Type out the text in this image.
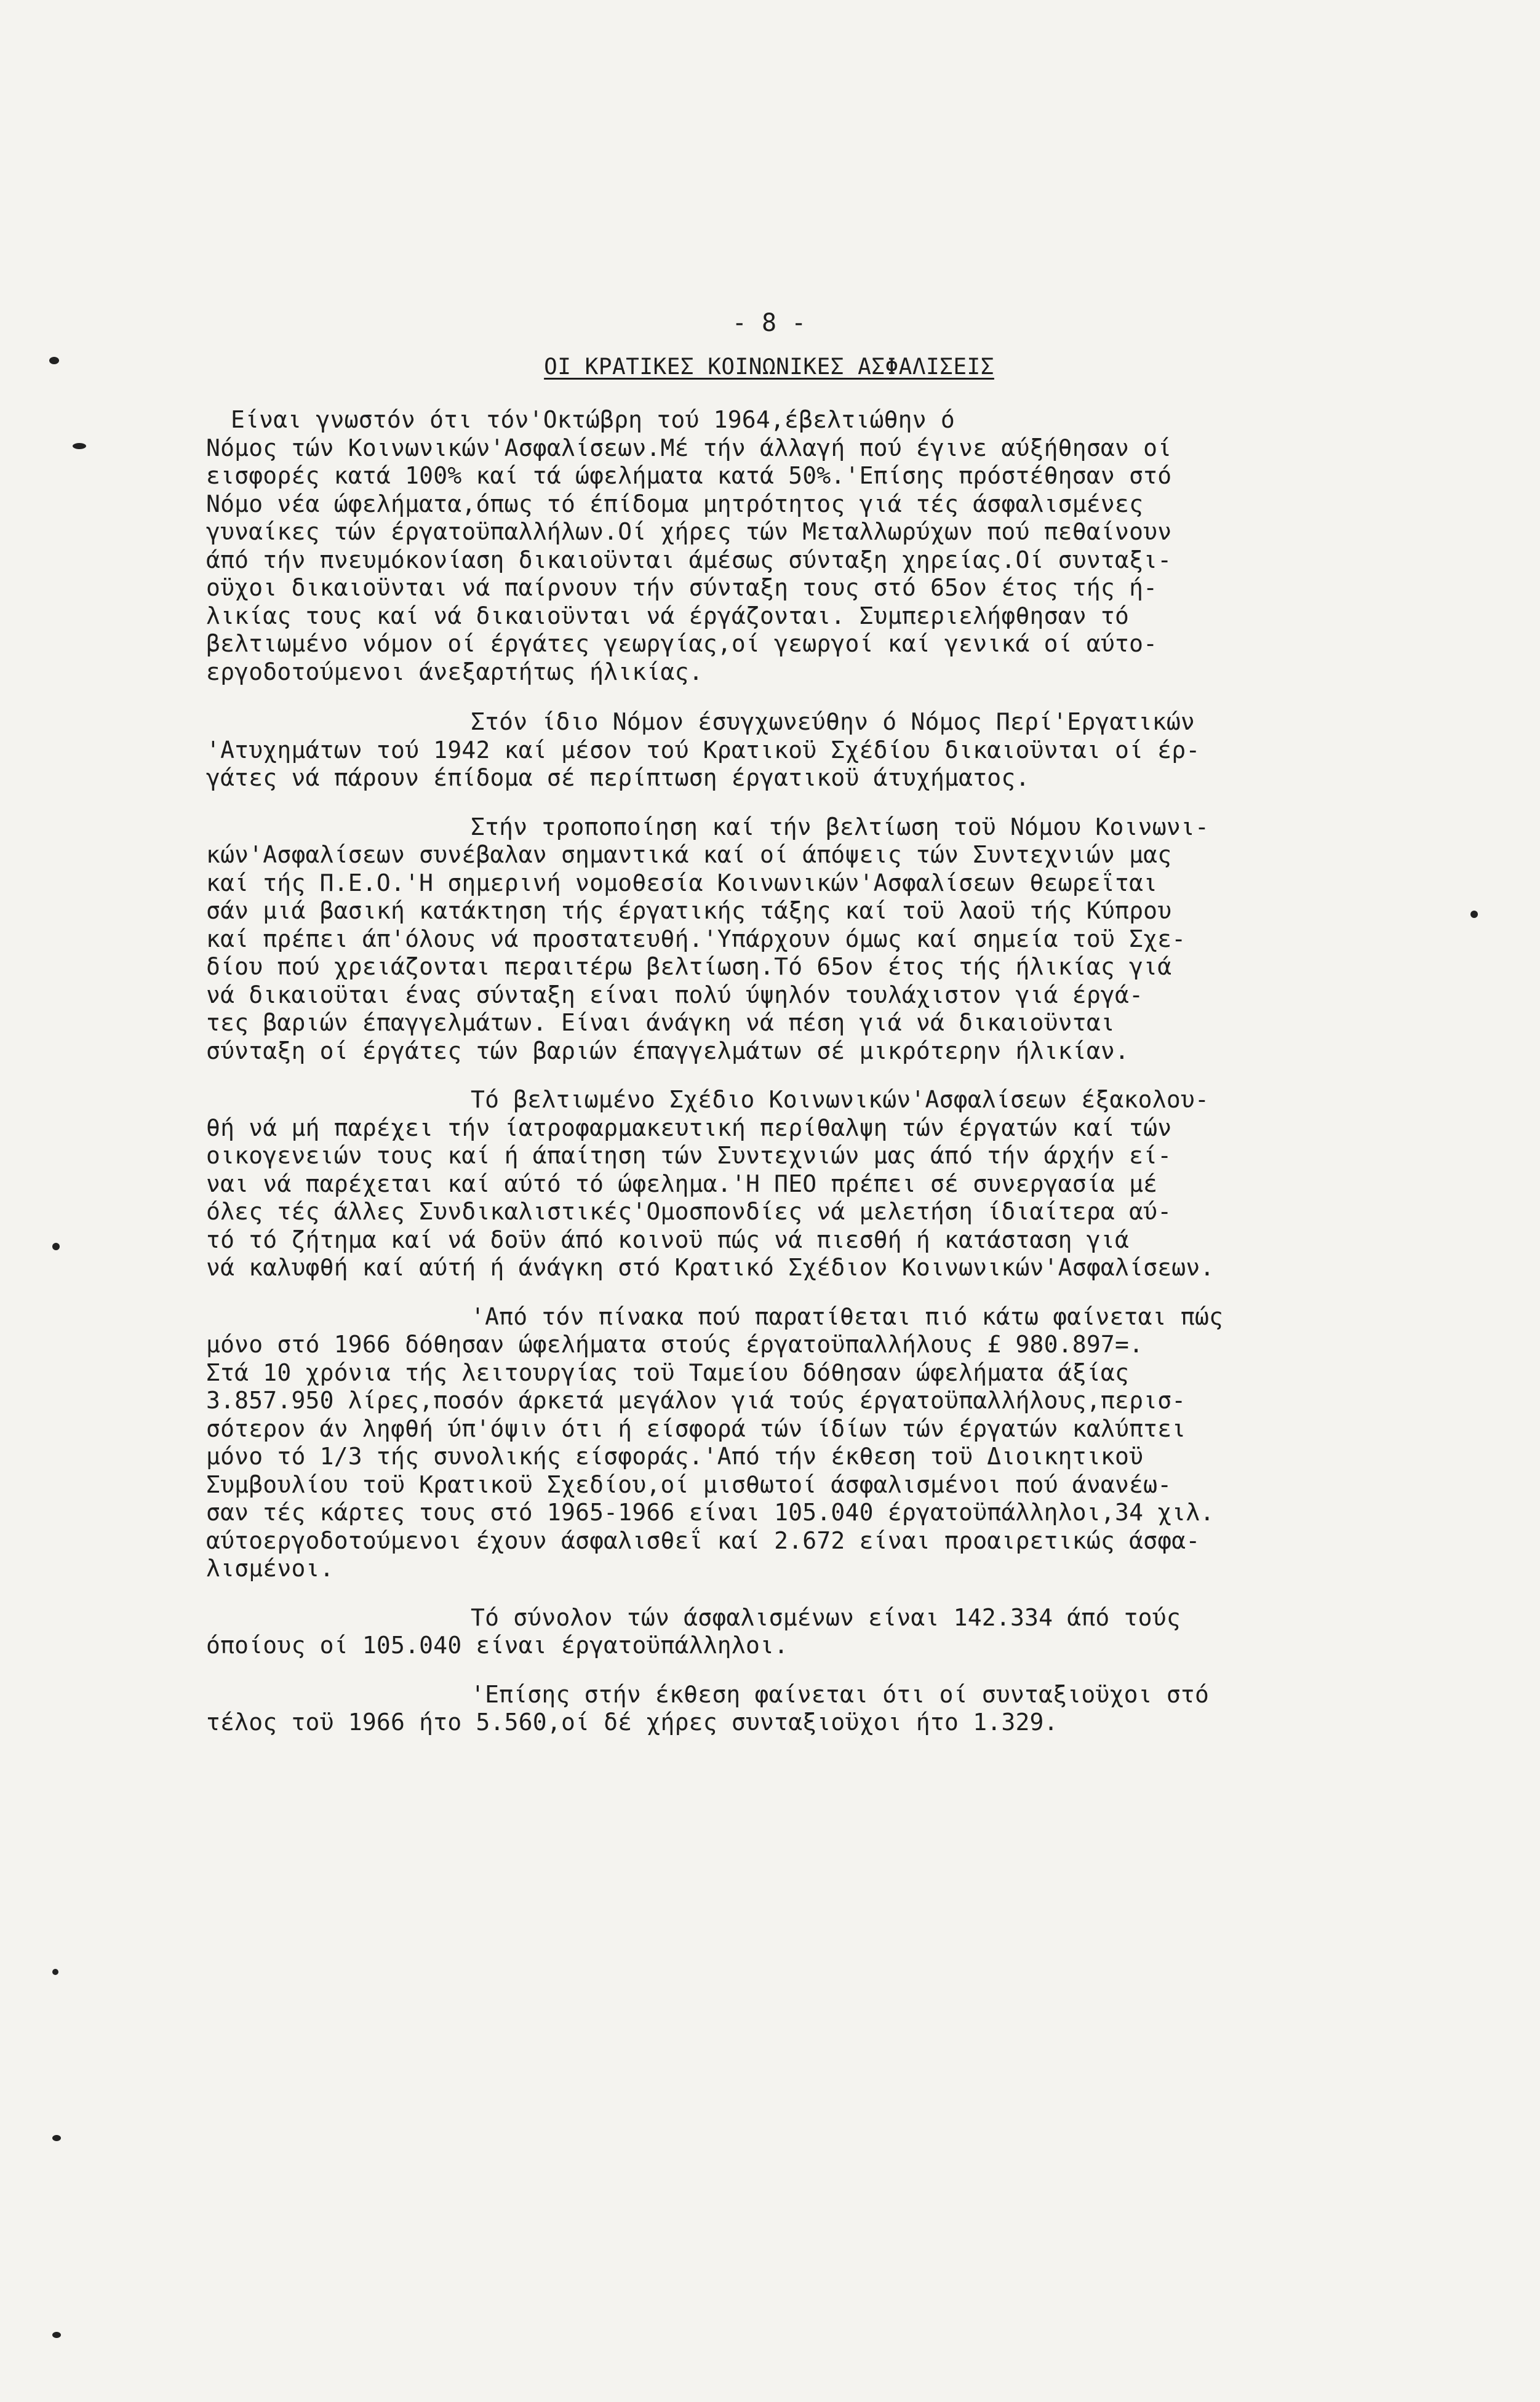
- 8 -
ΟΙ ΚΡΑΤΙΚΕΣ ΚΟΙΝΩΝΙΚΕΣ ΑΣΦΑΛΙΣΕΙΣ
Είναι γνωστόν ότι τόν'Οκτώβρη τού 1964,έβελτιώθην ό
Νόμος τών Κοινωνικών'Ασφαλίσεων.Μέ τήν άλλαγή πού έγινε αύξήθησαν οί
εισφορές κατά 100% καί τά ώφελήματα κατά 50%.'Επίσης πρόστέθησαν στό
Νόμο νέα ώφελήματα,όπως τό έπίδομα μητρότητος γιά τές άσφαλισμένες
γυναίκες τών έργατοϋπαλλήλων.Οί χήρες τών Μεταλλωρύχων πού πεθαίνουν
άπό τήν πνευμόκονίαση δικαιοϋνται άμέσως σύνταξη χηρείας.Οί συνταξι-
οϋχοι δικαιοϋνται νά παίρνουν τήν σύνταξη τους στό 65ον έτος τής ή-
λικίας τους καί νά δικαιοϋνται νά έργάζονται. Συμπεριελήφθησαν τό
βελτιωμένο νόμον οί έργάτες γεωργίας,οί γεωργοί καί γενικά οί αύτο-
εργοδοτούμενοι άνεξαρτήτως ήλικίας.
Στόν ίδιο Νόμον έσυγχωνεύθην ό Νόμος Περί'Εργατικών
'Ατυχημάτων τού 1942 καί μέσον τού Κρατικοϋ Σχέδίου δικαιοϋνται οί έρ-
γάτες νά πάρουν έπίδομα σέ περίπτωση έργατικοϋ άτυχήματος.
Στήν τροποποίηση καί τήν βελτίωση τοϋ Νόμου Κοινωνι-
κών'Ασφαλίσεων συνέβαλαν σημαντικά καί οί άπόψεις τών Συντεχνιών μας
καί τής Π.Ε.Ο.'Η σημερινή νομοθεσία Κοινωνικών'Ασφαλίσεων θεωρεΐται
σάν μιά βασική κατάκτηση τής έργατικής τάξης καί τοϋ λαοϋ τής Κύπρου
καί πρέπει άπ'όλους νά προστατευθή.'Υπάρχουν όμως καί σημεία τοϋ Σχε-
δίου πού χρειάζονται περαιτέρω βελτίωση.Τό 65ον έτος τής ήλικίας γιά
νά δικαιοϋται ένας σύνταξη είναι πολύ ύψηλόν τουλάχιστον γιά έργά-
τες βαριών έπαγγελμάτων. Είναι άνάγκη νά πέση γιά νά δικαιοϋνται
σύνταξη οί έργάτες τών βαριών έπαγγελμάτων σέ μικρότερην ήλικίαν.
Τό βελτιωμένο Σχέδιο Κοινωνικών'Ασφαλίσεων έξακολου-
θή νά μή παρέχει τήν ίατροφαρμακευτική περίθαλψη τών έργατών καί τών
οικογενειών τους καί ή άπαίτηση τών Συντεχνιών μας άπό τήν άρχήν εί-
ναι νά παρέχεται καί αύτό τό ώφελημα.'Η ΠΕΟ πρέπει σέ συνεργασία μέ
όλες τές άλλες Συνδικαλιστικές'Ομοσπονδίες νά μελετήση ίδιαίτερα αύ-
τό τό ζήτημα καί νά δοϋν άπό κοινοϋ πώς νά πιεσθή ή κατάσταση γιά
νά καλυφθή καί αύτή ή άνάγκη στό Κρατικό Σχέδιον Κοινωνικών'Ασφαλίσεων.
'Από τόν πίνακα πού παρατίθεται πιό κάτω φαίνεται πώς
μόνο στό 1966 δόθησαν ώφελήματα στούς έργατοϋπαλλήλους £ 980.897=.
Στά 10 χρόνια τής λειτουργίας τοϋ Ταμείου δόθησαν ώφελήματα άξίας
3.857.950 λίρες,ποσόν άρκετά μεγάλον γιά τούς έργατοϋπαλλήλους,περισ-
σότερον άν ληφθή ύπ'όψιν ότι ή είσφορά τών ίδίων τών έργατών καλύπτει
μόνο τό 1/3 τής συνολικής είσφοράς.'Από τήν έκθεση τοϋ Διοικητικοϋ
Συμβουλίου τοϋ Κρατικοϋ Σχεδίου,οί μισθωτοί άσφαλισμένοι πού άνανέω-
σαν τές κάρτες τους στό 1965-1966 είναι 105.040 έργατοϋπάλληλοι,34 χιλ.
αύτοεργοδοτούμενοι έχουν άσφαλισθεΐ καί 2.672 είναι προαιρετικώς άσφα-
λισμένοι.
Τό σύνολον τών άσφαλισμένων είναι 142.334 άπό τούς
όποίους οί 105.040 είναι έργατοϋπάλληλοι.
'Επίσης στήν έκθεση φαίνεται ότι οί συνταξιοϋχοι στό
τέλος τοϋ 1966 ήτο 5.560,οί δέ χήρες συνταξιοϋχοι ήτο 1.329.
